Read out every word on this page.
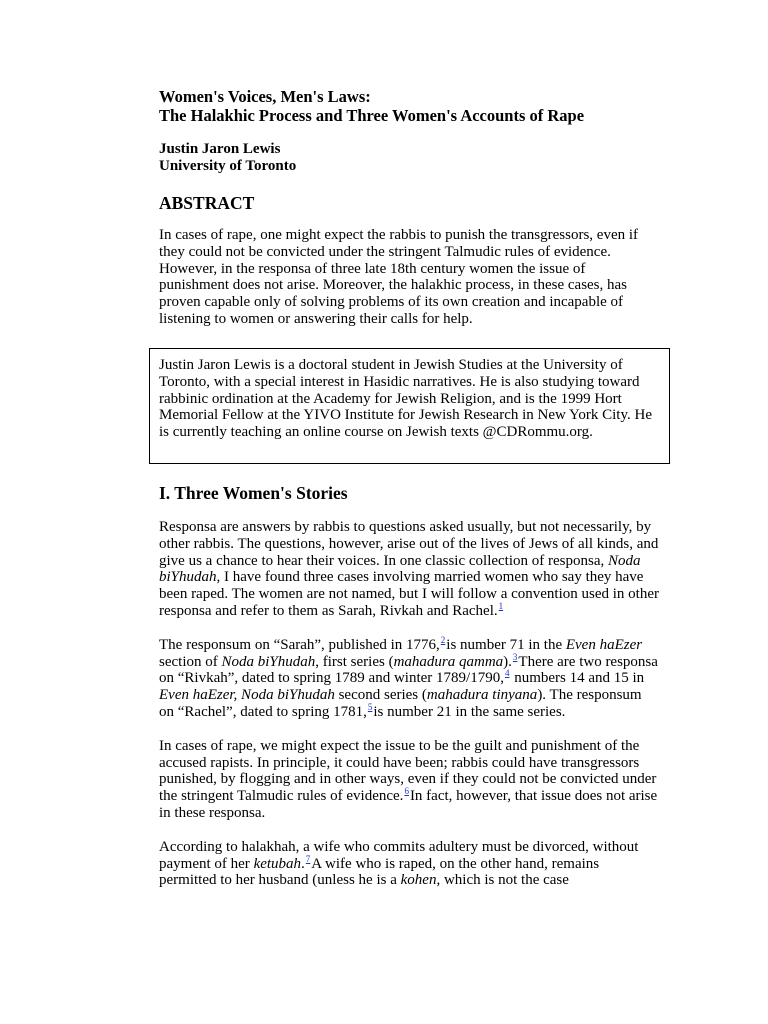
Women's Voices, Men's Laws:
The Halakhic Process and Three Women's Accounts of Rape
Justin Jaron Lewis
University of Toronto
ABSTRACT

In cases of rape, one might expect the rabbis to punish the transgressors, even if they could not be convicted under the stringent Talmudic rules of evidence. However, in the responsa of three late 18th century women the issue of punishment does not arise. Moreover, the halakhic process, in these cases, has proven capable only of solving problems of its own creation and incapable of listening to women or answering their calls for help.

Justin Jaron Lewis is a doctoral student in Jewish Studies at the University of Toronto, with a special interest in Hasidic narratives. He is also studying toward rabbinic ordination at the Academy for Jewish Religion, and is the 1999 Hort Memorial Fellow at the YIVO Institute for Jewish Research in New York City. He is currently teaching an online course on Jewish texts @CDRommu.org.
I. Three Women's Stories

Responsa are answers by rabbis to questions asked usually, but not necessarily, by other rabbis. The questions, however, arise out of the lives of Jews of all kinds, and give us a chance to hear their voices. In one classic collection of responsa, Noda biYhudah, I have found three cases involving married women who say they have been raped. The women are not named, but I will follow a convention used in other responsa and refer to them as Sarah, Rivkah and Rachel.$^1$

The responsum on “Sarah”, published in 1776,$^2$is number 71 in the Even haEzer section of Noda biYhudah, first series (mahadura qamma).$^3$There are two responsa on “Rivkah”, dated to spring 1789 and winter 1789/1790,$^4$ numbers 14 and 15 in Even haEzer, Noda biYhudah second series (mahadura tinyana). The responsum on “Rachel”, dated to spring 1781,$^5$is number 21 in the same series.

In cases of rape, we might expect the issue to be the guilt and punishment of the accused rapists. In principle, it could have been; rabbis could have transgressors punished, by flogging and in other ways, even if they could not be convicted under the stringent Talmudic rules of evidence.$^6$In fact, however, that issue does not arise in these responsa.

According to halakhah, a wife who commits adultery must be divorced, without payment of her ketubah.$^7$A wife who is raped, on the other hand, remains permitted to her husband (unless he is a kohen, which is not the case
